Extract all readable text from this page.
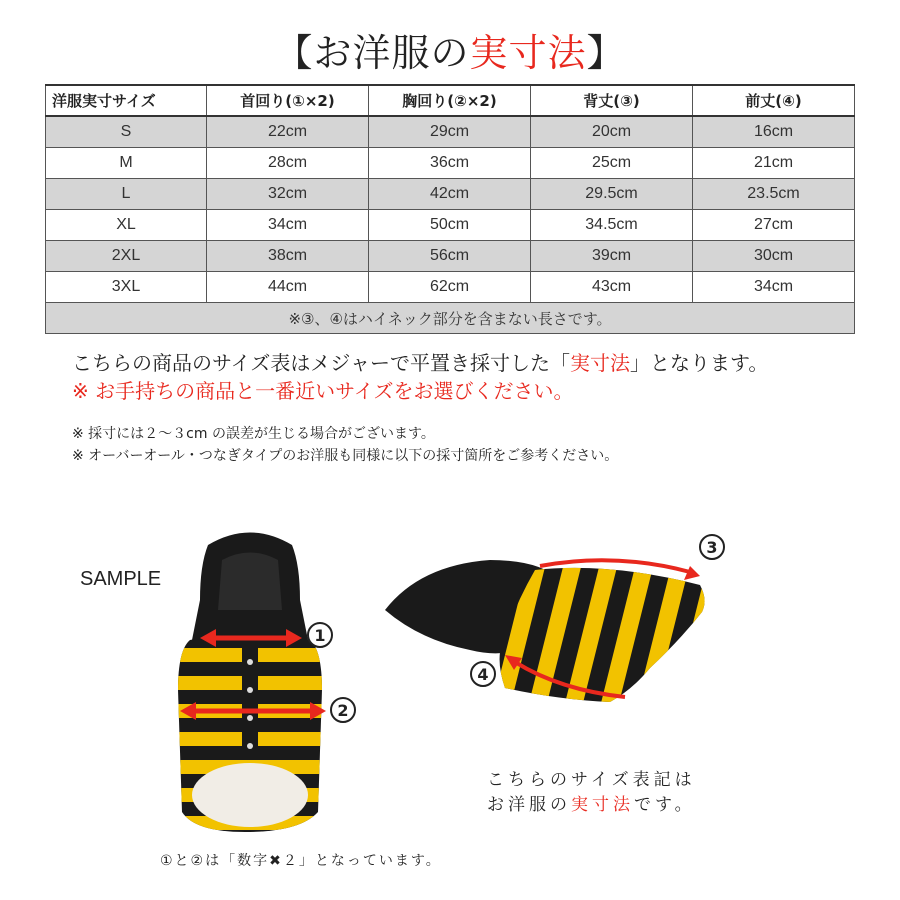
【お洋服の実寸法】
洋服実寸サイズ	首回り(①×2)	胸回り(②×2)	背丈(③)	前丈(④)
S	22cm	29cm	20cm	16cm
M	28cm	36cm	25cm	21cm
L	32cm	42cm	29.5cm	23.5cm
XL	34cm	50cm	34.5cm	27cm
2XL	38cm	56cm	39cm	30cm
3XL	44cm	62cm	43cm	34cm
※③、④はハイネック部分を含まない長さです。				
こちらの商品のサイズ表はメジャーで平置き採寸した「実寸法」となります。
※ お手持ちの商品と一番近いサイズをお選びください。
※ 採寸には２〜３cm の誤差が生じる場合がございます。
※ オーバーオール・つなぎタイプのお洋服も同様に以下の採寸箇所をご参考ください。
SAMPLE
1
2
3
4
こちらのサイズ表記は
お洋服の実寸法です。
①と②は「数字✖２」となっています。
